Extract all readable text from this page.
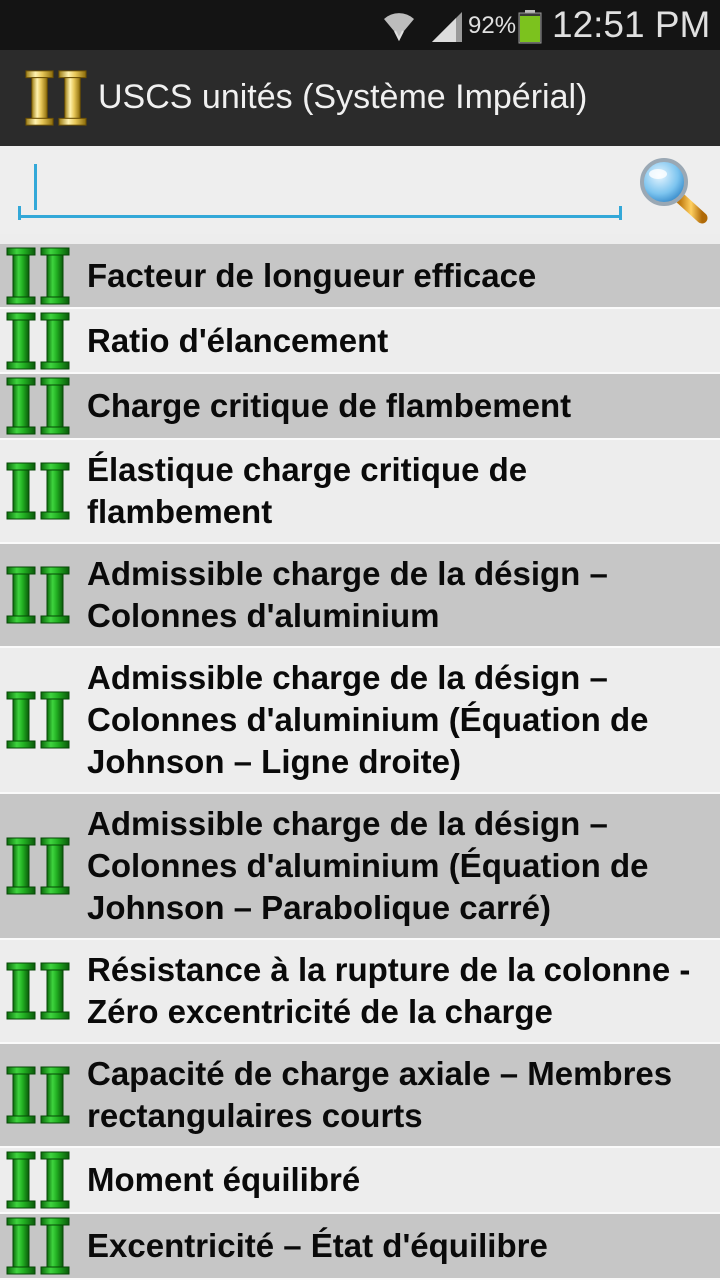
92% 12:51 PM
USCS unités (Système Impérial)
Facteur de longueur efficace
Ratio d'élancement
Charge critique de flambement
Élastique charge critique de flambement
Admissible charge de la désign – Colonnes d'aluminium
Admissible charge de la désign – Colonnes d'aluminium (Équation de Johnson – Ligne droite)
Admissible charge de la désign – Colonnes d'aluminium (Équation de Johnson – Parabolique carré)
Résistance à la rupture de la colonne - Zéro excentricité de la charge
Capacité de charge axiale – Membres rectangulaires courts
Moment équilibré
Excentricité – État d'équilibre
